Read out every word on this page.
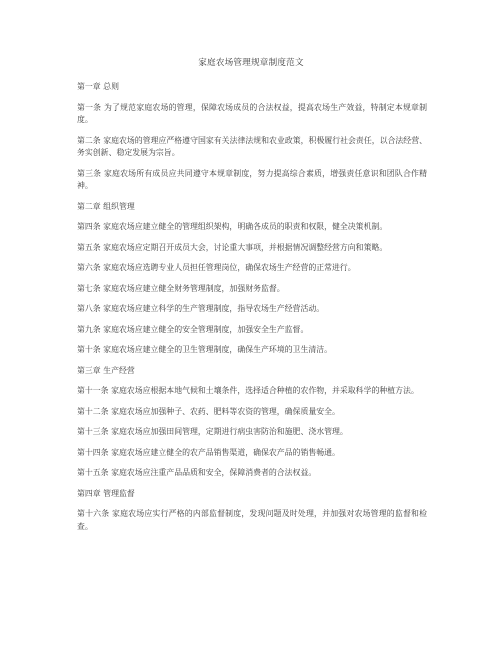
家庭农场管理规章制度范文
第一章 总则
第一条 为了规范家庭农场的管理，保障农场成员的合法权益，提高农场生产效益，特制定本规章制度。
第二条 家庭农场的管理应严格遵守国家有关法律法规和农业政策，积极履行社会责任，以合法经营、务实创新、稳定发展为宗旨。
第三条 家庭农场所有成员应共同遵守本规章制度，努力提高综合素质，增强责任意识和团队合作精神。
第二章 组织管理
第四条 家庭农场应建立健全的管理组织架构，明确各成员的职责和权限，健全决策机制。
第五条 家庭农场应定期召开成员大会，讨论重大事项，并根据情况调整经营方向和策略。
第六条 家庭农场应选聘专业人员担任管理岗位，确保农场生产经营的正常进行。
第七条 家庭农场应建立健全财务管理制度，加强财务监督。
第八条 家庭农场应建立科学的生产管理制度，指导农场生产经营活动。
第九条 家庭农场应建立健全的安全管理制度，加强安全生产监督。
第十条 家庭农场应建立健全的卫生管理制度，确保生产环境的卫生清洁。
第三章 生产经营
第十一条 家庭农场应根据本地气候和土壤条件，选择适合种植的农作物，并采取科学的种植方法。
第十二条 家庭农场应加强种子、农药、肥料等农资的管理，确保质量安全。
第十三条 家庭农场应加强田间管理，定期进行病虫害防治和施肥、浇水管理。
第十四条 家庭农场应建立健全的农产品销售渠道，确保农产品的销售畅通。
第十五条 家庭农场应注重产品品质和安全，保障消费者的合法权益。
第四章 管理监督
第十六条 家庭农场应实行严格的内部监督制度，发现问题及时处理，并加强对农场管理的监督和检查。
